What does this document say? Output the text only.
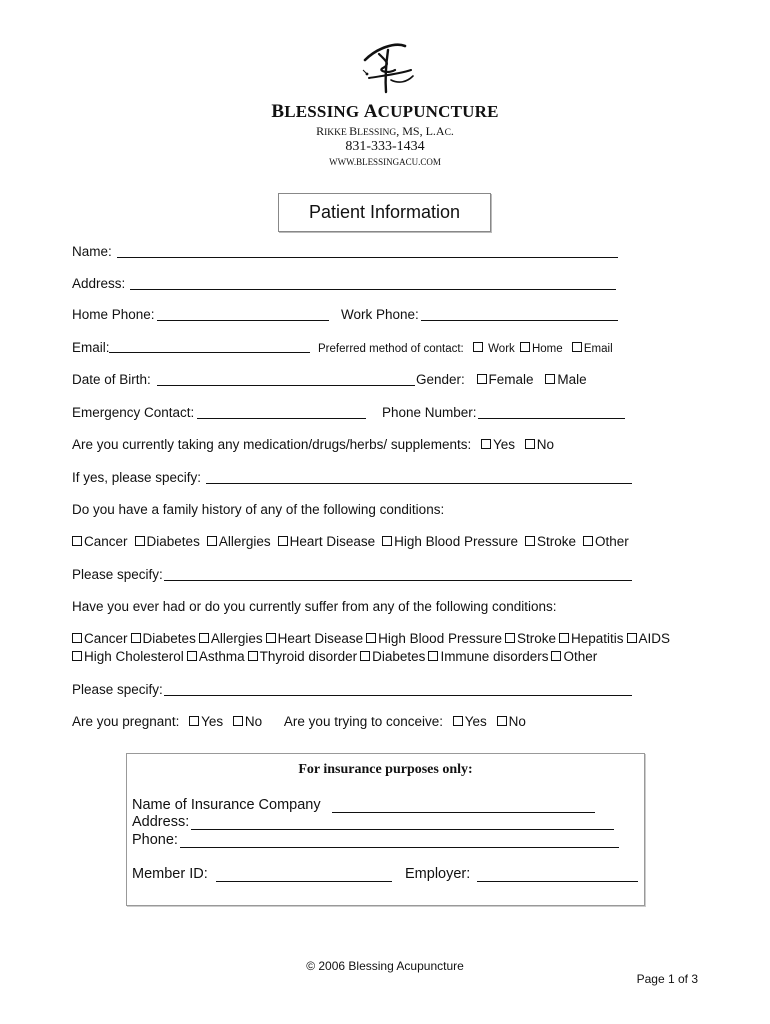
BLESSING ACUPUNCTURE
RIKKE BLESSING, MS, L.AC.
831-333-1434
WWW.BLESSINGACU.COM
Patient Information
Name:
Address:
Home Phone:	Work Phone:
Email:	Preferred method of contact: Work Home Email
Date of Birth:	Gender: Female Male
Emergency Contact:	Phone Number:
Are you currently taking any medication/drugs/herbs/ supplements: Yes No
If yes, please specify:
Do you have a family history of any of the following conditions:
Cancer Diabetes Allergies Heart Disease High Blood Pressure Stroke Other
Please specify:
Have you ever had or do you currently suffer from any of the following conditions:
Cancer Diabetes Allergies Heart Disease High Blood Pressure Stroke Hepatitis AIDS
High Cholesterol Asthma Thyroid disorder Diabetes Immune disorders Other
Please specify:
Are you pregnant: Yes No Are you trying to conceive: Yes No
For insurance purposes only:
Name of Insurance Company
Address:
Phone:
Member ID:	Employer:
© 2006 Blessing Acupuncture
Page 1 of 3
